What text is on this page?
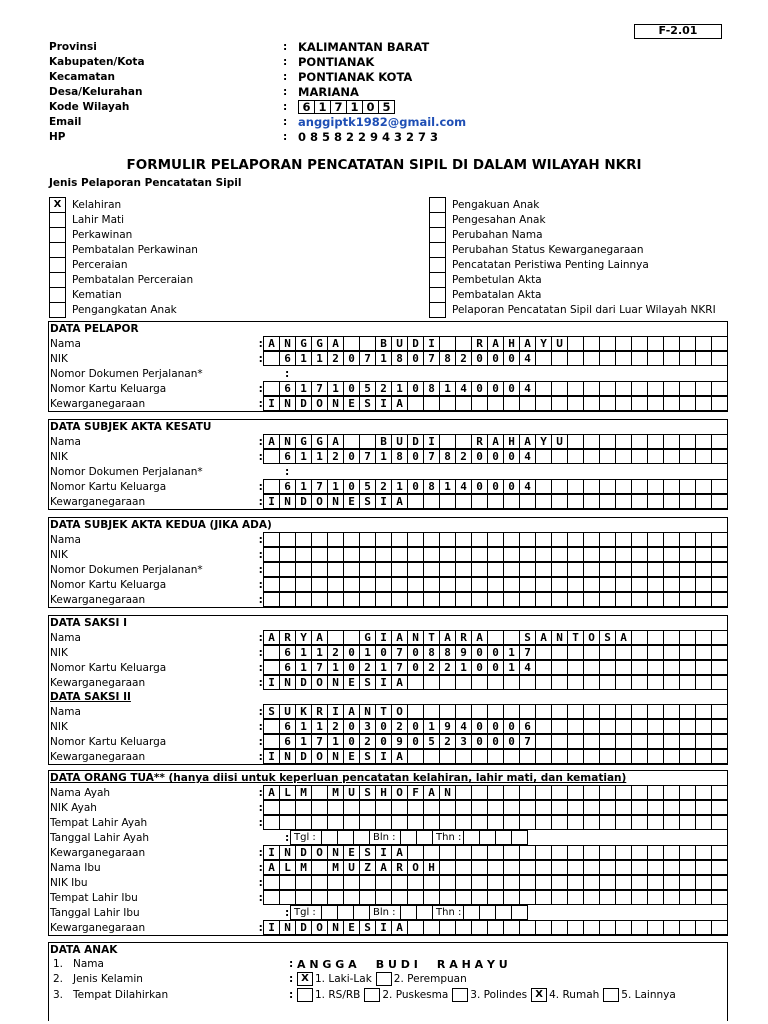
F-2.01
Provinsi	: KALIMANTAN BARAT
Kabupaten/Kota	: PONTIANAK
Kecamatan	: PONTIANAK KOTA
Desa/Kelurahan	: MARIANA
Kode Wilayah	:	6 1 7 1 0 5
Email	: anggiptk1982@gmail.com
HP	: 0 8 5 8 2 2 9 4 3 2 7 3
FORMULIR PELAPORAN PENCATATAN SIPIL DI DALAM WILAYAH NKRI
Jenis Pelaporan Pencatatan Sipil
X	Kelahiran
Lahir Mati
Perkawinan
Pembatalan Perkawinan
Perceraian
Pembatalan Perceraian
Kematian
Pengangkatan Anak
Pengakuan Anak
Pengesahan Anak
Perubahan Nama
Perubahan Status Kewarganegaraan
Pencatatan Peristiwa Penting Lainnya
Pembetulan Akta
Pembatalan Akta
Pelaporan Pencatatan Sipil dari Luar Wilayah NKRI
DATA PELAPOR
Nama	: A N G G A	B U D I	R A H A Y U
NIK	:	6 1 1 2 0 7 1 8 0 7 8 2 0 0 0 4
Nomor Dokumen Perjalanan*	:
Nomor Kartu Keluarga	:	6 1 7 1 0 5 2 1 0 8 1 4 0 0 0 4
Kewarganegaraan	: I N D O N E S I A
DATA SUBJEK AKTA KESATU
Nama	: A N G G A	B U D I	R A H A Y U
NIK	:	6 1 1 2 0 7 1 8 0 7 8 2 0 0 0 4
Nomor Dokumen Perjalanan*	:
Nomor Kartu Keluarga	:	6 1 7 1 0 5 2 1 0 8 1 4 0 0 0 4
Kewarganegaraan	: I N D O N E S I A
DATA SUBJEK AKTA KEDUA (JIKA ADA)
Nama	:
NIK	:
Nomor Dokumen Perjalanan*	:
Nomor Kartu Keluarga	:
Kewarganegaraan	:
DATA SAKSI I
Nama	: A R Y A	G I A N T A R A	S A N T O S A
NIK	:	6 1 1 2 0 1 0 7 0 8 8 9 0 0 1 7
Nomor Kartu Keluarga	:	6 1 7 1 0 2 1 7 0 2 2 1 0 0 1 4
Kewarganegaraan	: I N D O N E S I A
DATA SAKSI II
Nama	: S U K R I A N T O
NIK	:	6 1 1 2 0 3 0 2 0 1 9 4 0 0 0 6
Nomor Kartu Keluarga	:	6 1 7 1 0 2 0 9 0 5 2 3 0 0 0 7
Kewarganegaraan	: I N D O N E S I A
DATA ORANG TUA** (hanya diisi untuk keperluan pencatatan kelahiran, lahir mati, dan kematian)
Nama Ayah	: A L M	M U S H O F A N
NIK Ayah	:
Tempat Lahir Ayah	:
Tanggal Lahir Ayah	: Tgl :	Bln :	Thn :
Kewarganegaraan	: I N D O N E S I A
Nama Ibu	: A L M	M U Z A R O H
NIK Ibu	:
Tempat Lahir Ibu	:
Tanggal Lahir Ibu	: Tgl :	Bln :	Thn :
Kewarganegaraan	: I N D O N E S I A
DATA ANAK
1. Nama	: A N G G A     B U D I     R A H A Y U
2. Jenis Kelamin	: X 1. Laki-Lak 2. Perempuan
3. Tempat Dilahirkan	:	1. RS/RB 2. Puskesma 3. Polindes X 4. Rumah 5. Lainnya
